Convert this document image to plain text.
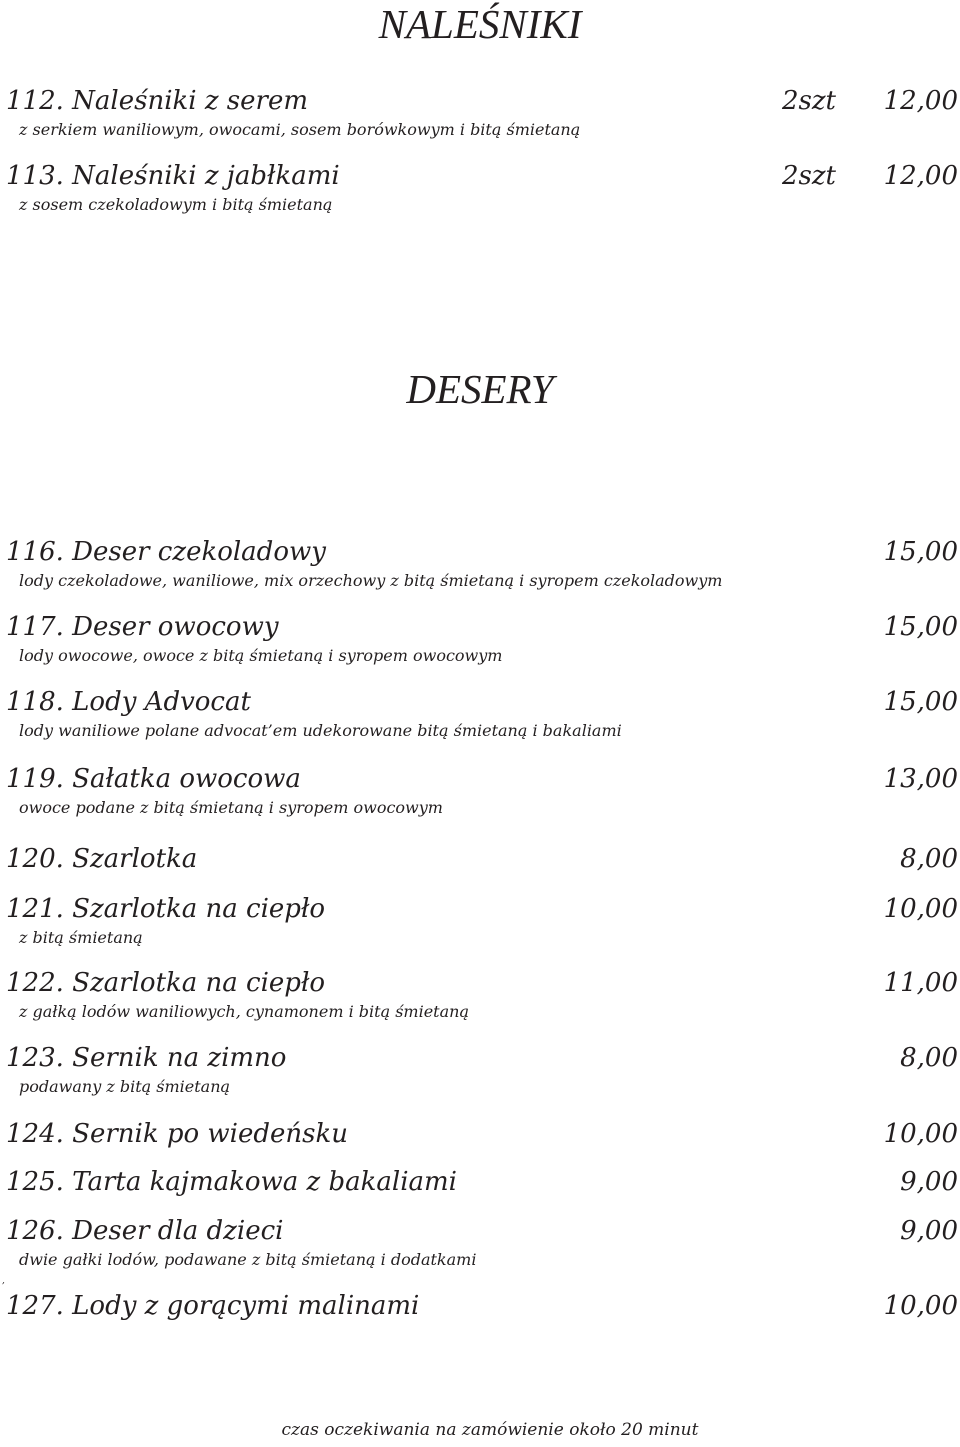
NALEŚNIKI
112. Naleśniki z serem	2szt 12,00
z serkiem waniliowym, owocami, sosem borówkowym i bitą śmietaną
113. Naleśniki z jabłkami	2szt 12,00
z sosem czekoladowym i bitą śmietaną
DESERY
116. Deser czekoladowy	15,00
lody czekoladowe, waniliowe, mix orzechowy z bitą śmietaną i syropem czekoladowym
117. Deser owocowy	15,00
lody owocowe, owoce z bitą śmietaną i syropem owocowym
118. Lody Advocat	15,00
lody waniliowe polane advocat’em udekorowane bitą śmietaną i bakaliami
119. Sałatka owocowa	13,00
owoce podane z bitą śmietaną i syropem owocowym
120. Szarlotka	8,00
121. Szarlotka na ciepło	10,00
z bitą śmietaną
122. Szarlotka na ciepło	11,00
z gałką lodów waniliowych, cynamonem i bitą śmietaną
123. Sernik na zimno	8,00
podawany z bitą śmietaną
124. Sernik po wiedeńsku	10,00
125. Tarta kajmakowa z bakaliami	9,00
126. Deser dla dzieci	9,00
dwie gałki lodów, podawane z bitą śmietaną i dodatkami
,
127. Lody z gorącymi malinami	10,00
czas oczekiwania na zamówienie około 20 minut
